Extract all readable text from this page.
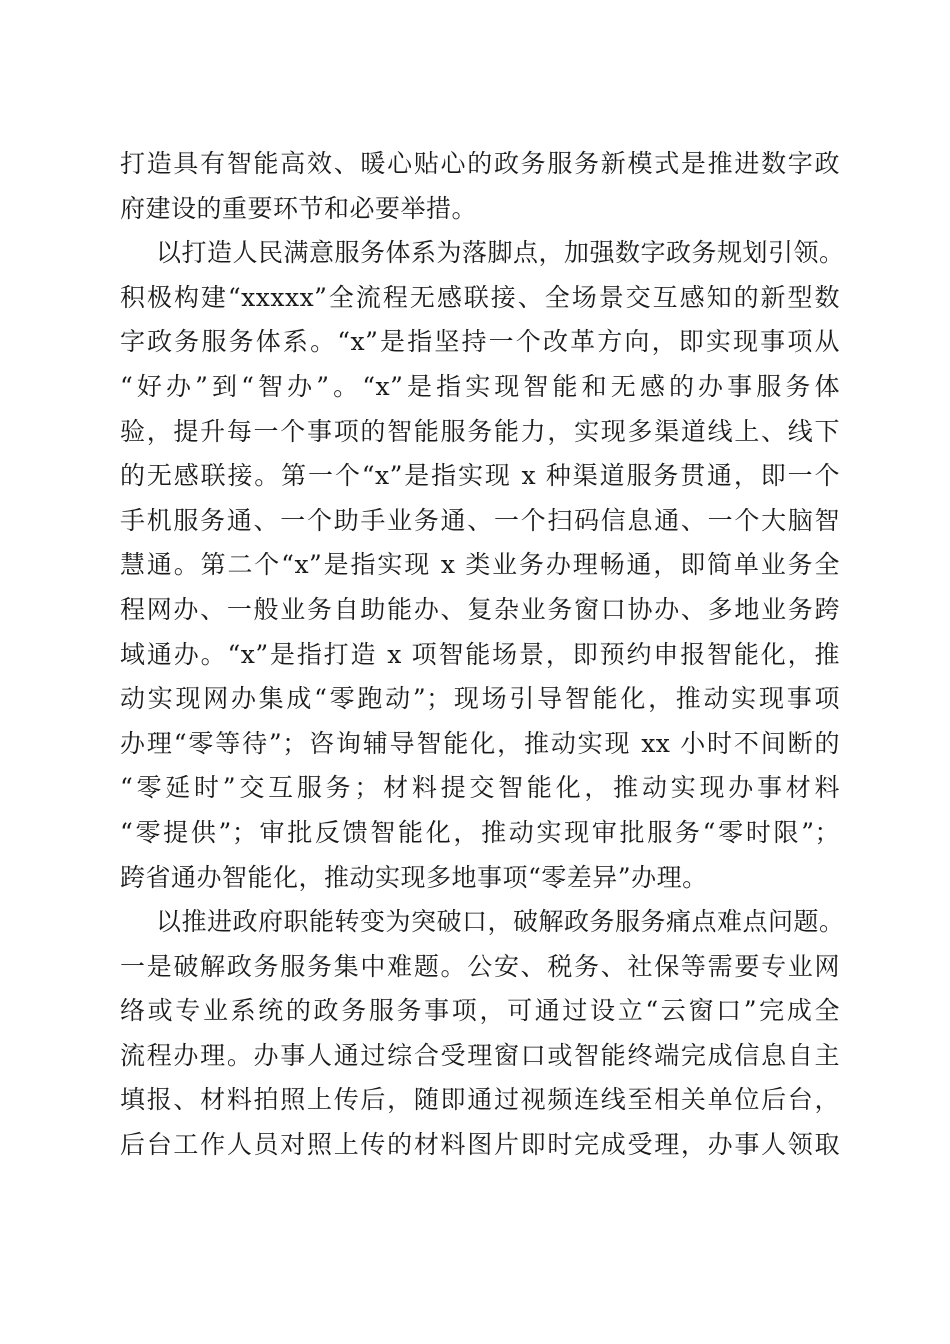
打造具有智能高效、暖心贴心的政务服务新模式是推进数字政
府建设的重要环节和必要举措。
以打造人民满意服务体系为落脚点，加强数字政务规划引领。
积极构建“xxxxx”全流程无感联接、全场景交互感知的新型数
字政务服务体系。“x”是指坚持一个改革方向，即实现事项从
“好办”到“智办”。“x”是指实现智能和无感的办事服务体
验，提升每一个事项的智能服务能力，实现多渠道线上、线下
的无感联接。第一个“x”是指实现 x 种渠道服务贯通，即一个
手机服务通、一个助手业务通、一个扫码信息通、一个大脑智
慧通。第二个“x”是指实现 x 类业务办理畅通，即简单业务全
程网办、一般业务自助能办、复杂业务窗口协办、多地业务跨
域通办。“x”是指打造 x 项智能场景，即预约申报智能化，推
动实现网办集成“零跑动”；现场引导智能化，推动实现事项
办理“零等待”；咨询辅导智能化，推动实现 xx 小时不间断的
“零延时”交互服务；材料提交智能化，推动实现办事材料
“零提供”；审批反馈智能化，推动实现审批服务“零时限”；
跨省通办智能化，推动实现多地事项“零差异”办理。
以推进政府职能转变为突破口，破解政务服务痛点难点问题。
一是破解政务服务集中难题。公安、税务、社保等需要专业网
络或专业系统的政务服务事项，可通过设立“云窗口”完成全
流程办理。办事人通过综合受理窗口或智能终端完成信息自主
填报、材料拍照上传后，随即通过视频连线至相关单位后台，
后台工作人员对照上传的材料图片即时完成受理，办事人领取
